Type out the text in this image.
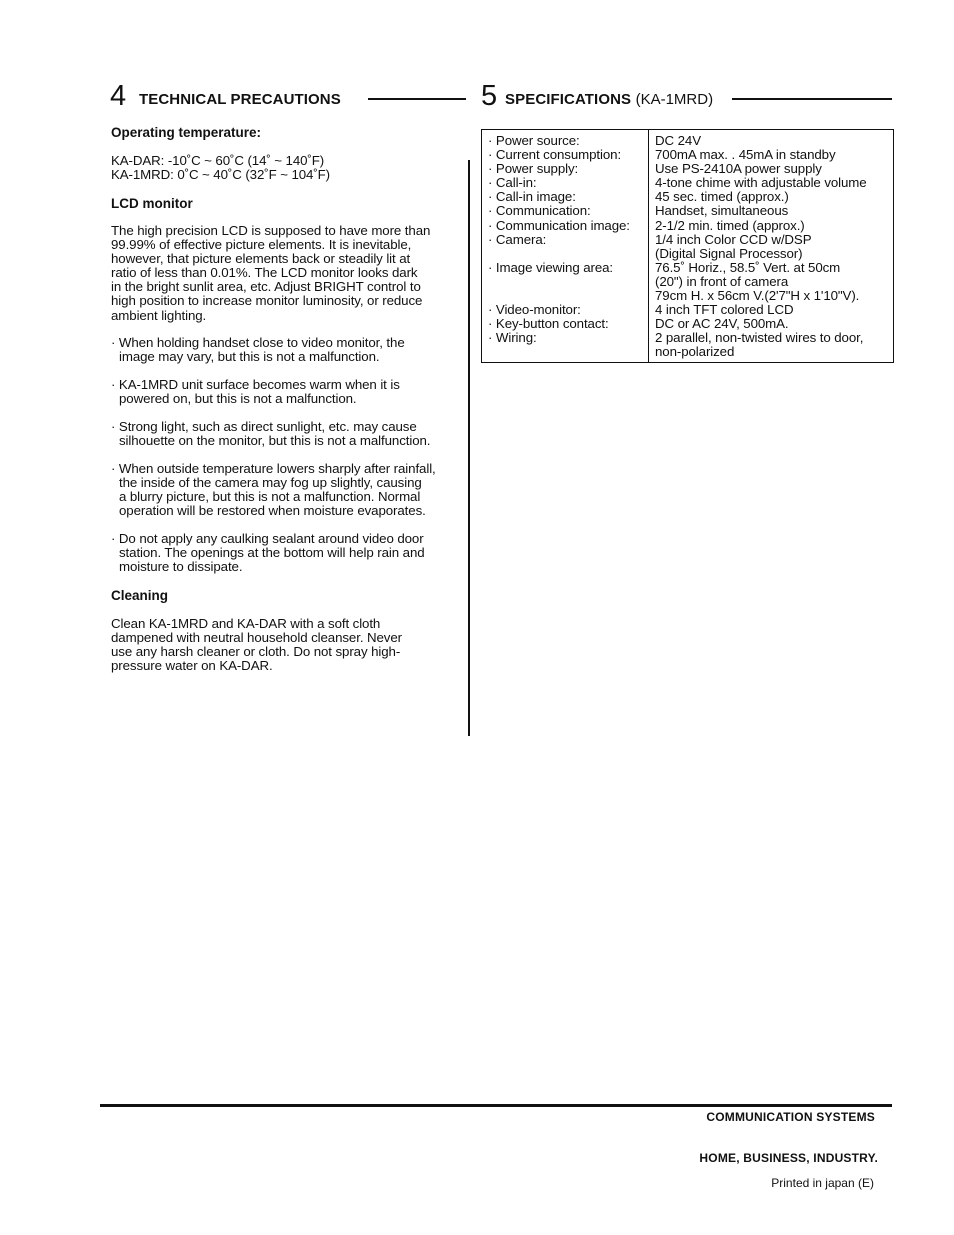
4 TECHNICAL PRECAUTIONS	5 SPECIFICATIONS (KA-1MRD)
Operating temperature:
KA-DAR: -10˚C ~ 60˚C (14˚ ~ 140˚F)
KA-1MRD: 0˚C ~ 40˚C (32˚F ~ 104˚F)
LCD monitor
The high precision LCD is supposed to have more than
99.99% of effective picture elements. It is inevitable,
however, that picture elements back or steadily lit at
ratio of less than 0.01%. The LCD monitor looks dark
in the bright sunlit area, etc. Adjust BRIGHT control to
high position to increase monitor luminosity, or reduce
ambient lighting.
· When holding handset close to video monitor, the
image may vary, but this is not a malfunction.
· KA-1MRD unit surface becomes warm when it is
powered on, but this is not a malfunction.
· Strong light, such as direct sunlight, etc. may cause
silhouette on the monitor, but this is not a malfunction.
· When outside temperature lowers sharply after rainfall,
the inside of the camera may fog up slightly, causing
a blurry picture, but this is not a malfunction. Normal
operation will be restored when moisture evaporates.
· Do not apply any caulking sealant around video door
station. The openings at the bottom will help rain and
moisture to dissipate.
Cleaning
Clean KA-1MRD and KA-DAR with a soft cloth
dampened with neutral household cleanser. Never
use any harsh cleaner or cloth. Do not spray high-
pressure water on KA-DAR.
· Power source:	DC 24V
· Current consumption:	700mA max. . 45mA in standby
· Power supply:	Use PS-2410A power supply
· Call-in:	4-tone chime with adjustable volume
· Call-in image:	45 sec. timed (approx.)
· Communication:	Handset, simultaneous
· Communication image:	2-1/2 min. timed (approx.)
· Camera:	1/4 inch Color CCD w/DSP
(Digital Signal Processor)
· Image viewing area:	76.5˚ Horiz., 58.5˚ Vert. at 50cm
(20") in front of camera
79cm H. x 56cm V.(2'7"H x 1'10"V).
· Video-monitor:	4 inch TFT colored LCD
· Key-button contact:	DC or AC 24V, 500mA.
· Wiring:	2 parallel, non-twisted wires to door,
non-polarized
COMMUNICATION SYSTEMS
HOME, BUSINESS, INDUSTRY.
Printed in japan (E)
